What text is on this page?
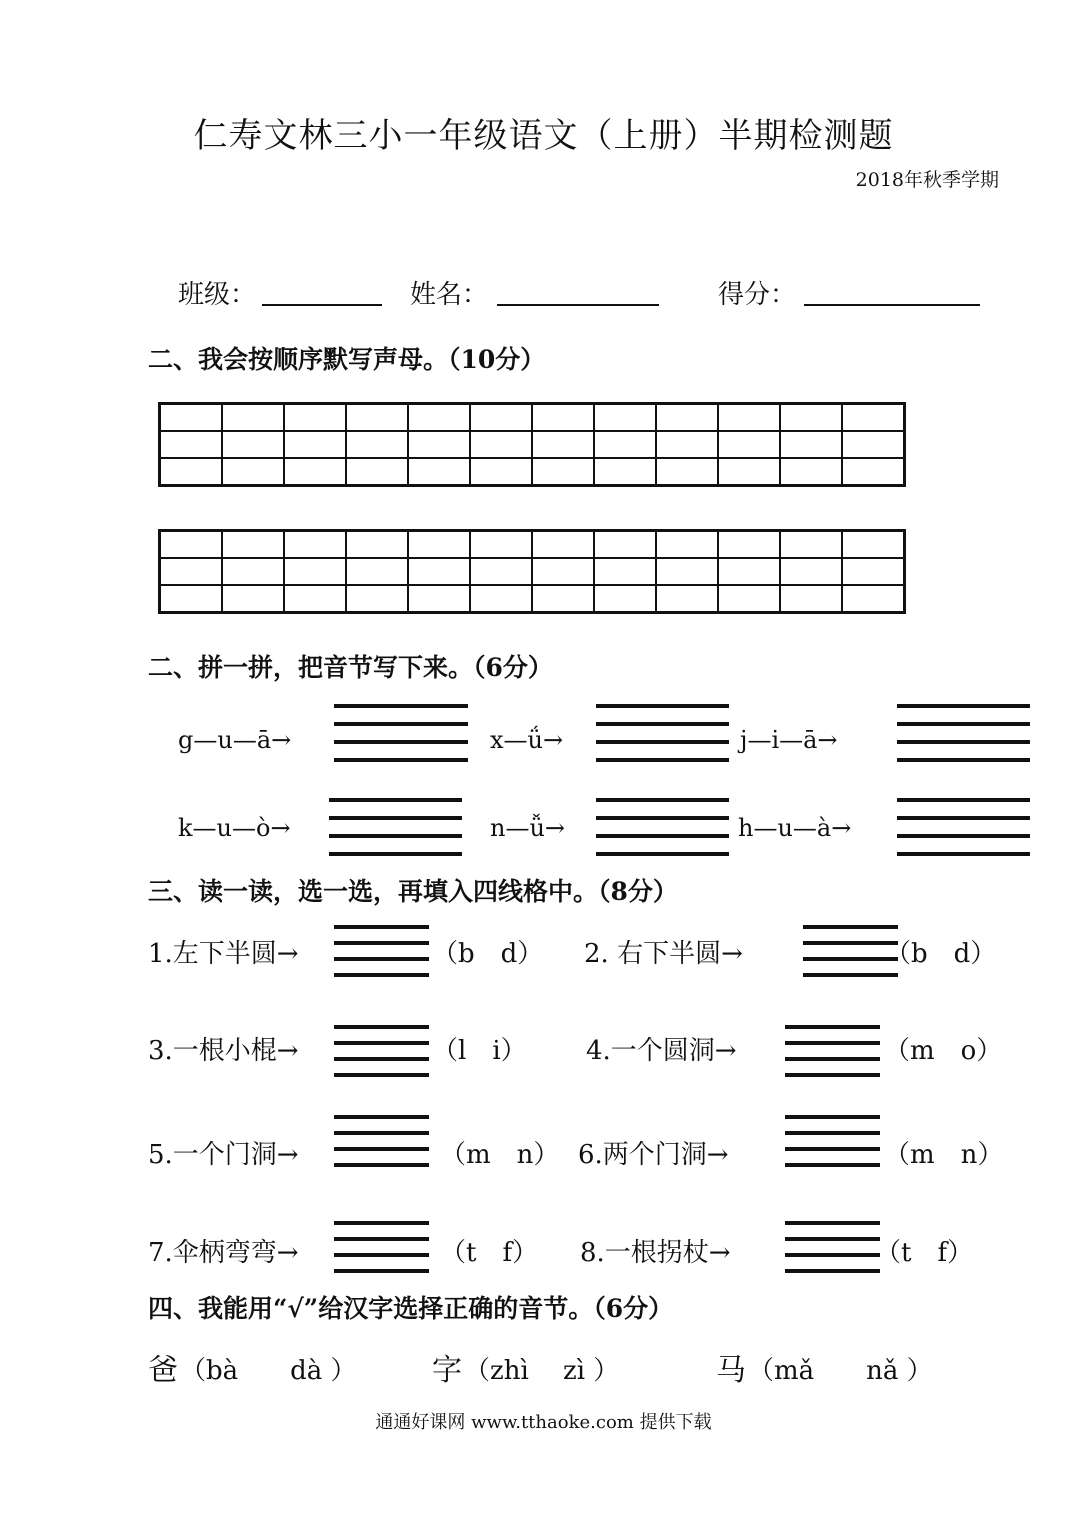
仁寿文林三小一年级语文（上册）半期检测题
2018年秋季学期
班级：	姓名：	得分：
二、我会按顺序默写声母。（10分）

二、拼一拼，把音节写下来。（6分）
g—u—ā→	x—ǘ→	j—i—ā→
k—u—ò→	n—ǚ→	h—u—à→
三、读一读，选一选，再填入四线格中。（8分）
1.左下半圆→	（b　d） 2. 右下半圆→	（b　d）
3.一根小棍→	（l　i） 4.一个圆洞→	（m　o）
5.一个门洞→	（m　n） 6.两个门洞→	（m　n）
7.伞柄弯弯→	（t　f） 8.一根拐杖→	（t　f）
四、我能用“√”给汉字选择正确的音节。（6分）
爸 （bà　　dà ）	字 （zhì　 zì ）	马 （mǎ　　nǎ ）
通通好课网 www.tthaoke.com 提供下载
